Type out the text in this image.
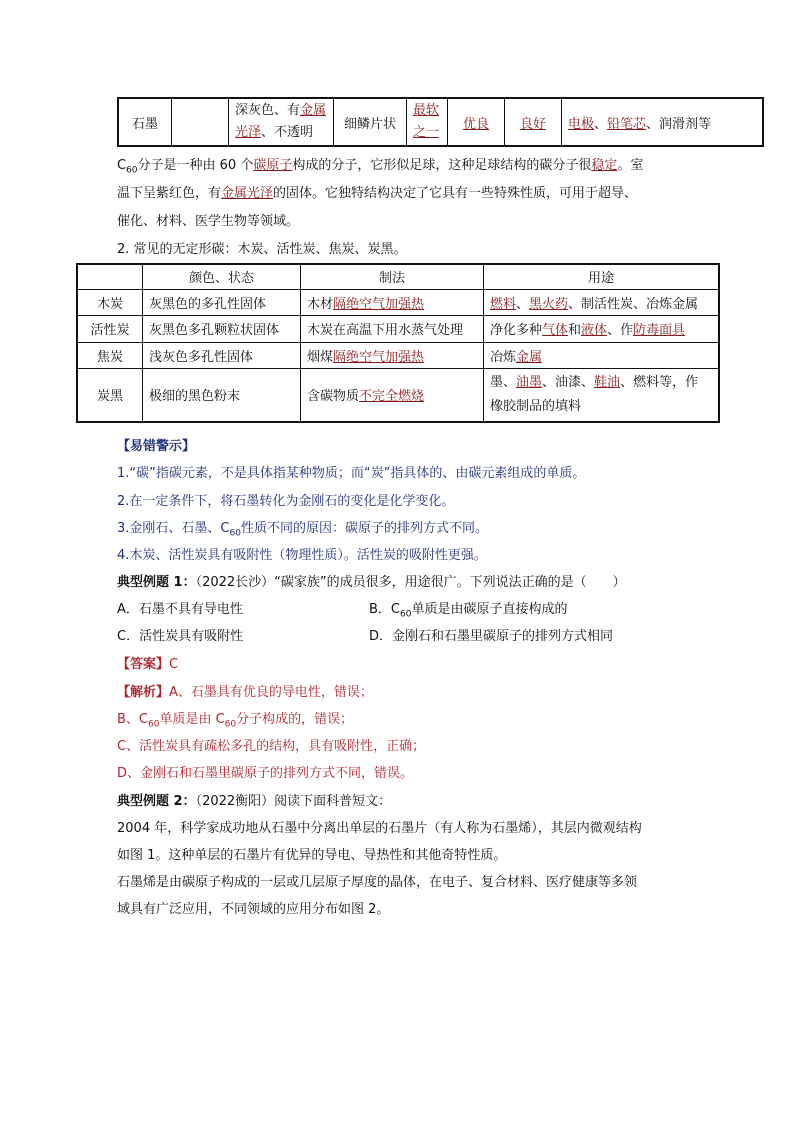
石墨		深灰色、有金属光泽、不透明	细鳞片状	最软之一	优良	良好	电极、铅笔芯、润滑剂等
$C_{60}$分子是一种由 60 个碳原子构成的分子，它形似足球，这种足球结构的碳分子很稳定。室
温下呈紫红色，有金属光泽的固体。它独特结构决定了它具有一些特殊性质，可用于超导、
催化、材料、医学生物等领域。
2. 常见的无定形碳：木炭、活性炭、焦炭、炭黑。
	颜色、状态	制法	用途
木炭	灰黑色的多孔性固体	木材隔绝空气加强热	燃料、黑火药、制活性炭、冶炼金属
活性炭	灰黑色多孔颗粒状固体	木炭在高温下用水蒸气处理	净化多种气体和液体、作防毒面具
焦炭	浅灰色多孔性固体	烟煤隔绝空气加强热	冶炼金属
炭黑	极细的黑色粉末	含碳物质不完全燃烧	墨、油墨、油漆、鞋油、燃料等，作
橡胶制品的填料
【易错警示】
1.“碳”指碳元素，不是具体指某种物质；而“炭”指具体的、由碳元素组成的单质。
2.在一定条件下，将石墨转化为金刚石的变化是化学变化。
3.金刚石、石墨、$C_{60}$性质不同的原因：碳原子的排列方式不同。
4.木炭、活性炭具有吸附性（物理性质）。活性炭的吸附性更强。
典型例题 1：（2022长沙）“碳家族”的成员很多，用途很广。下列说法正确的是（　　）
A．石墨不具有导电性	B．$C_{60}$单质是由碳原子直接构成的
C．活性炭具有吸附性	D．金刚石和石墨里碳原子的排列方式相同
【答案】C
【解析】A、石墨具有优良的导电性，错误；
B、$C_{60}$单质是由 $C_{60}$分子构成的，错误；
C、活性炭具有疏松多孔的结构，具有吸附性，正确；
D、金刚石和石墨里碳原子的排列方式不同，错误。
典型例题 2：（2022衡阳）阅读下面科普短文：
2004 年，科学家成功地从石墨中分离出单层的石墨片（有人称为石墨烯），其层内微观结构
如图 1。这种单层的石墨片有优异的导电、导热性和其他奇特性质。
石墨烯是由碳原子构成的一层或几层原子厚度的晶体，在电子、复合材料、医疗健康等多领
域具有广泛应用，不同领域的应用分布如图 2。
